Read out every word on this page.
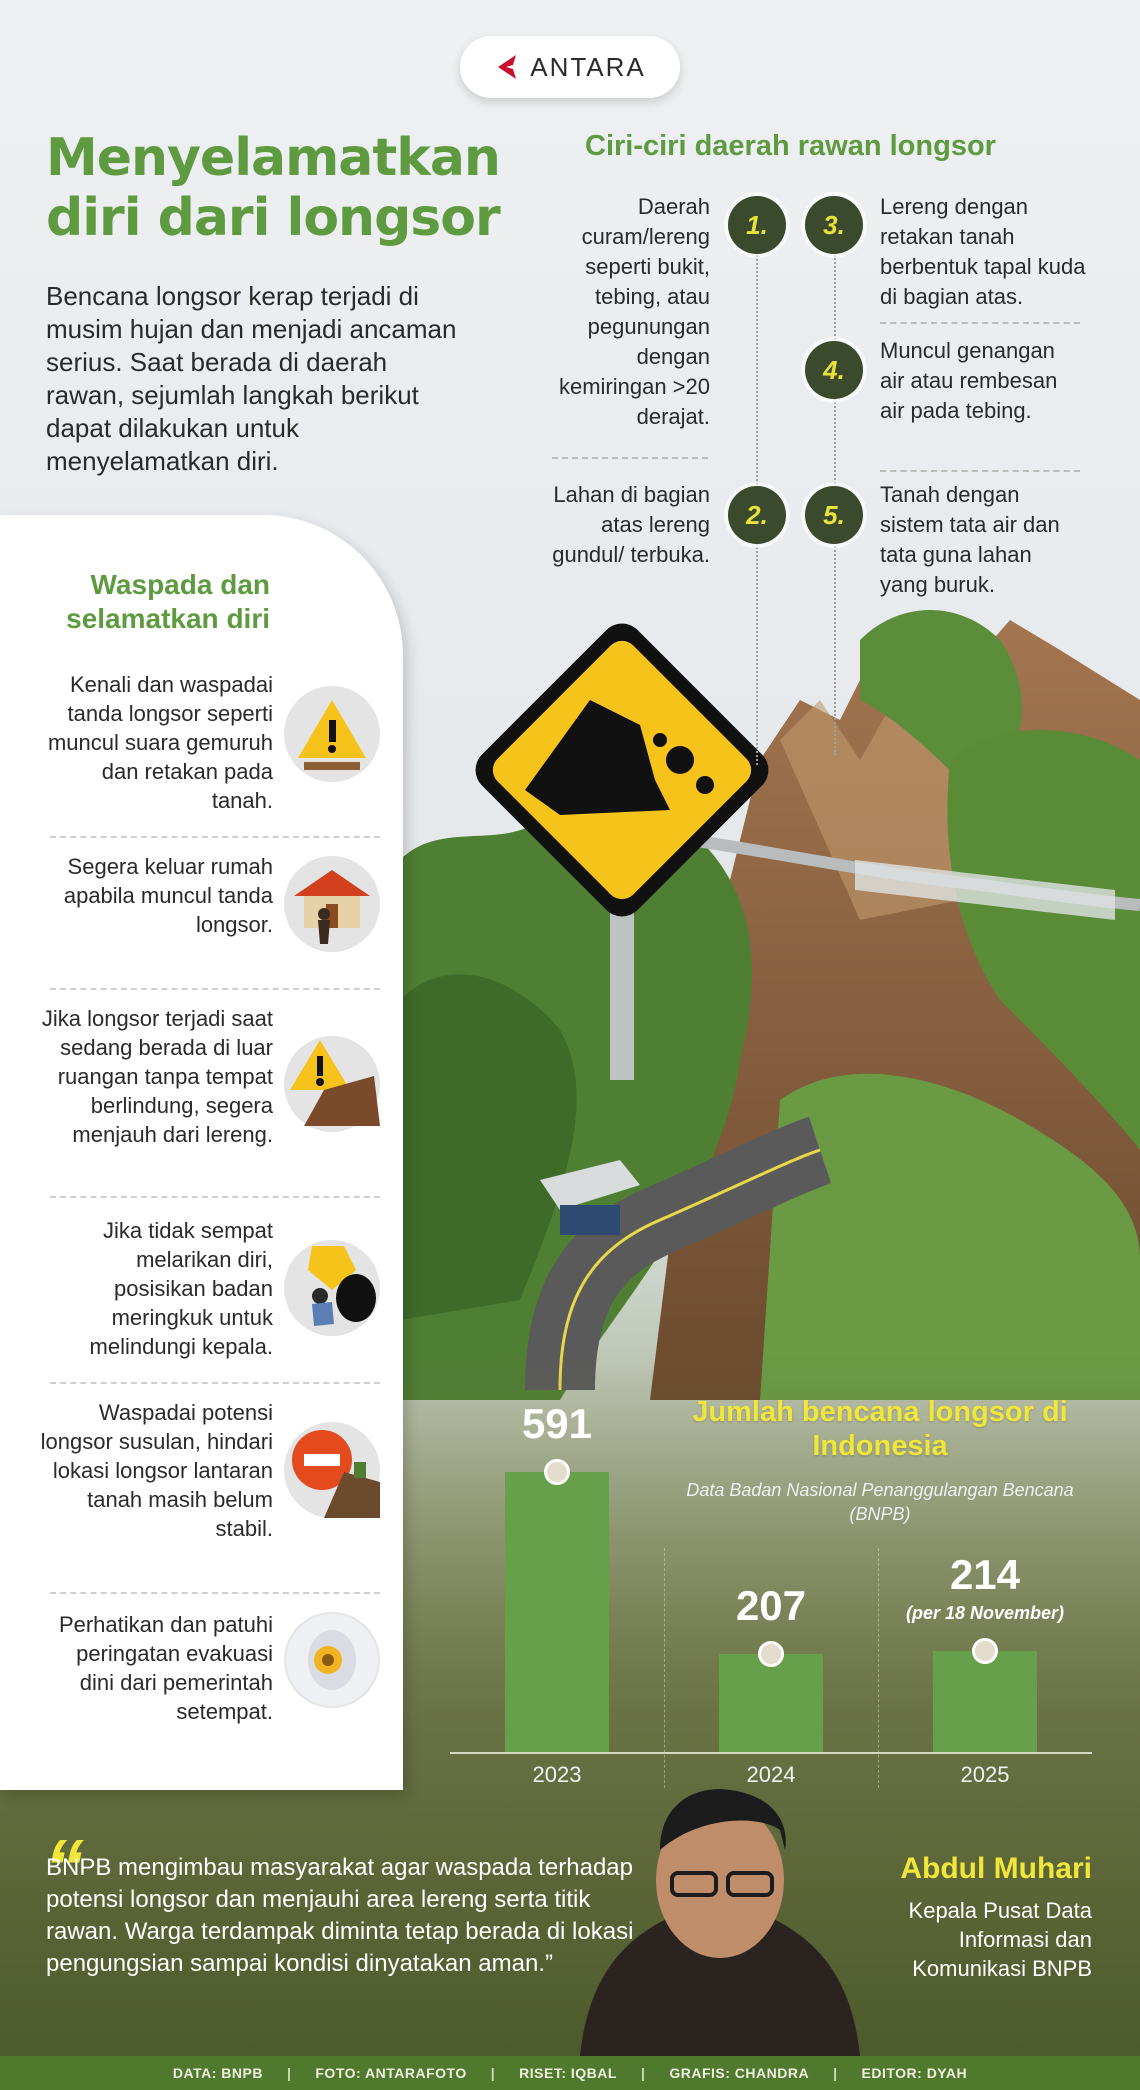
ANTARA
Menyelamatkan diri dari longsor
Bencana longsor kerap terjadi di musim hujan dan menjadi ancaman serius. Saat berada di daerah rawan, sejumlah langkah berikut dapat dilakukan untuk menyelamatkan diri.
Ciri-ciri daerah rawan longsor
Daerah curam/lereng seperti bukit, tebing, atau pegunungan dengan kemiringan >20 derajat.
1.
Lahan di bagian atas lereng gundul/ terbuka.
2.
3.
Lereng dengan retakan tanah berbentuk tapal kuda di bagian atas.
4.
Muncul genangan air atau rembesan air pada tebing.
5.
Tanah dengan sistem tata air dan tata guna lahan yang buruk.
Waspada dan selamatkan diri
Kenali dan waspadai tanda longsor seperti muncul suara gemuruh dan retakan pada tanah.
Segera keluar rumah apabila muncul tanda longsor.
Jika longsor terjadi saat sedang berada di luar ruangan tanpa tempat berlindung, segera menjauh dari lereng.
Jika tidak sempat melarikan diri, posisikan badan meringkuk untuk melindungi kepala.
Waspadai potensi longsor susulan, hindari lokasi longsor lantaran tanah masih belum stabil.
Perhatikan dan patuhi peringatan evakuasi dini dari pemerintah setempat.
Jumlah bencana longsor di Indonesia
Data Badan Nasional Penanggulangan Bencana (BNPB)
591
2023
207
2024
214
(per 18 November)
2025
“
BNPB mengimbau masyarakat agar waspada terhadap potensi longsor dan menjauhi area lereng serta titik rawan. Warga terdampak diminta tetap berada di lokasi pengungsian sampai kondisi dinyatakan aman.”
Abdul Muhari
Kepala Pusat Data Informasi dan Komunikasi BNPB
DATA: BNPB | FOTO: ANTARAFOTO | RISET: IQBAL | GRAFIS: CHANDRA | EDITOR: DYAH
